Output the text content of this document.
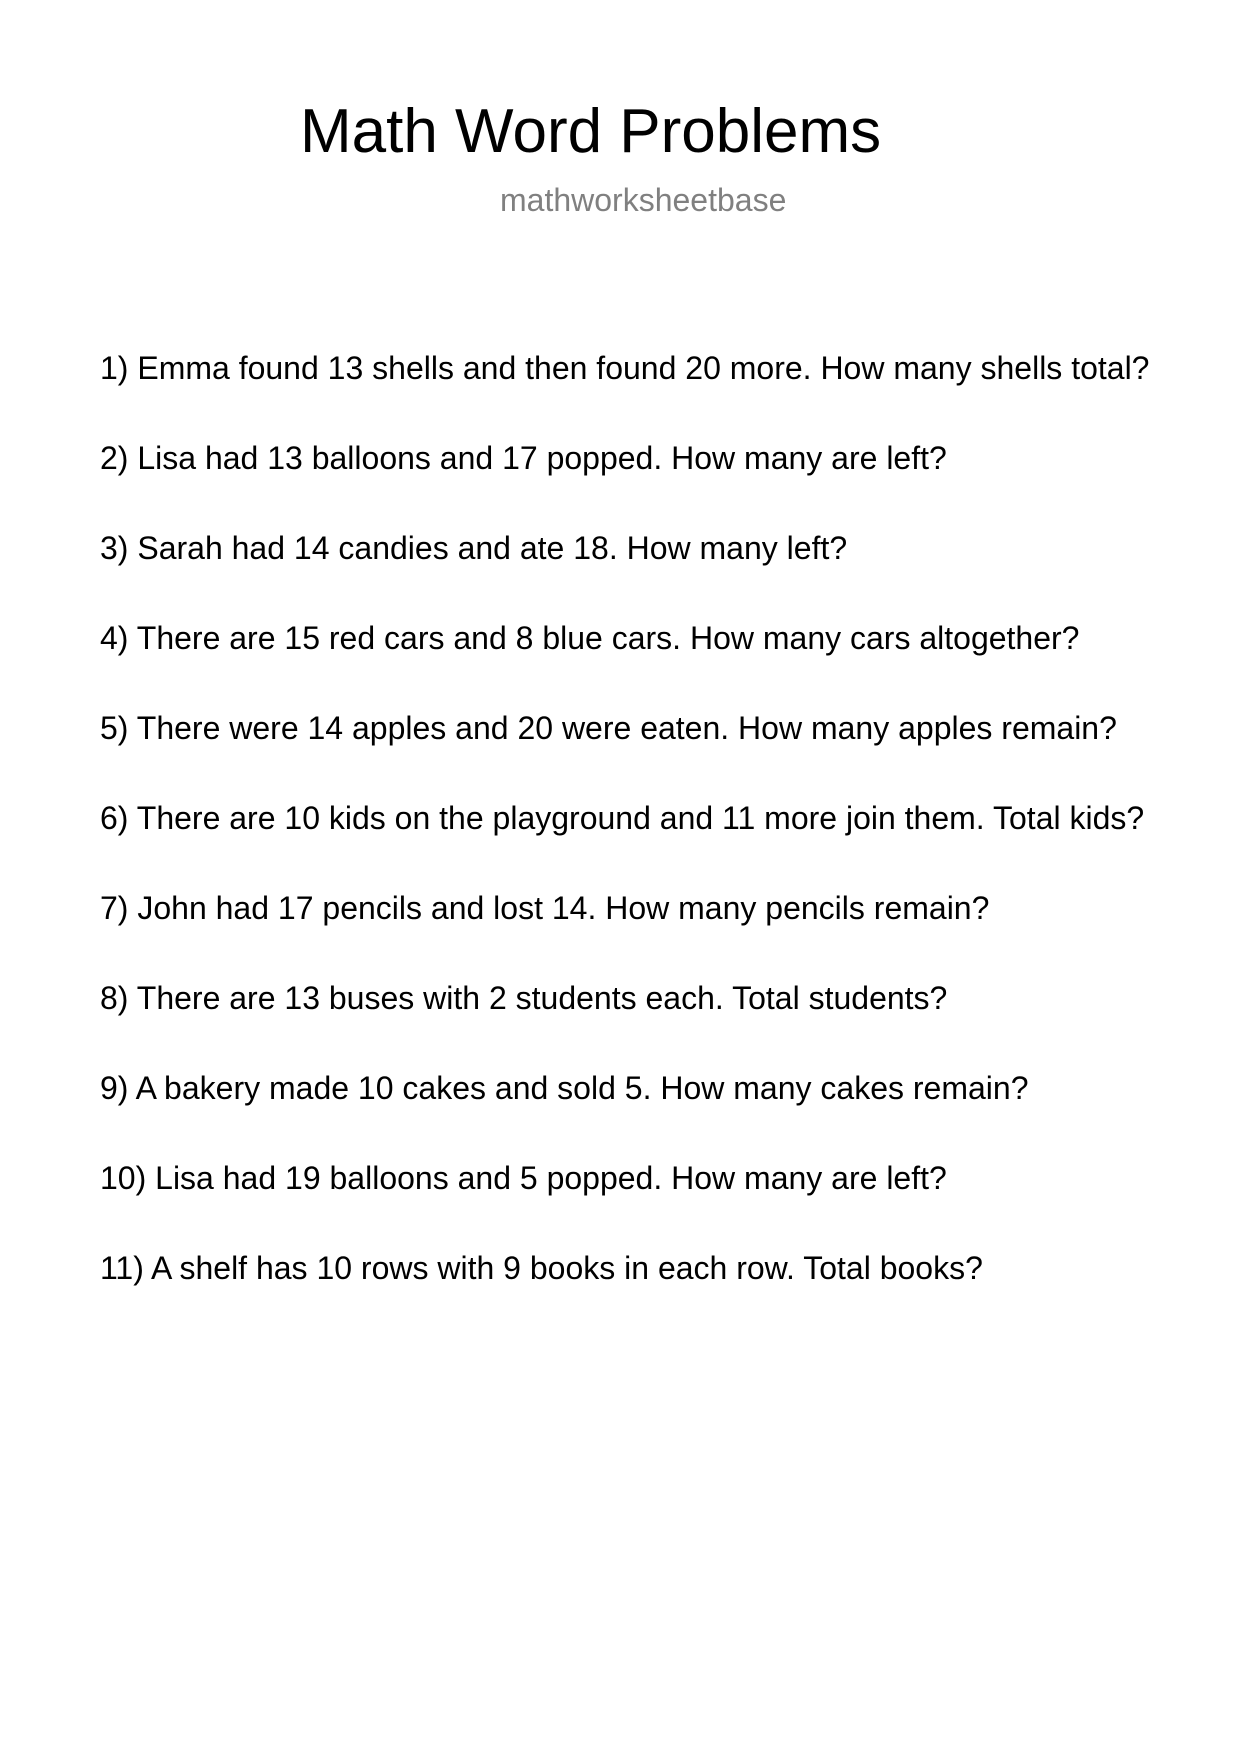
Math Word Problems
mathworksheetbase
1) Emma found 13 shells and then found 20 more. How many shells total?
2) Lisa had 13 balloons and 17 popped. How many are left?
3) Sarah had 14 candies and ate 18. How many left?
4) There are 15 red cars and 8 blue cars. How many cars altogether?
5) There were 14 apples and 20 were eaten. How many apples remain?
6) There are 10 kids on the playground and 11 more join them. Total kids?
7) John had 17 pencils and lost 14. How many pencils remain?
8) There are 13 buses with 2 students each. Total students?
9) A bakery made 10 cakes and sold 5. How many cakes remain?
10) Lisa had 19 balloons and 5 popped. How many are left?
11) A shelf has 10 rows with 9 books in each row. Total books?
